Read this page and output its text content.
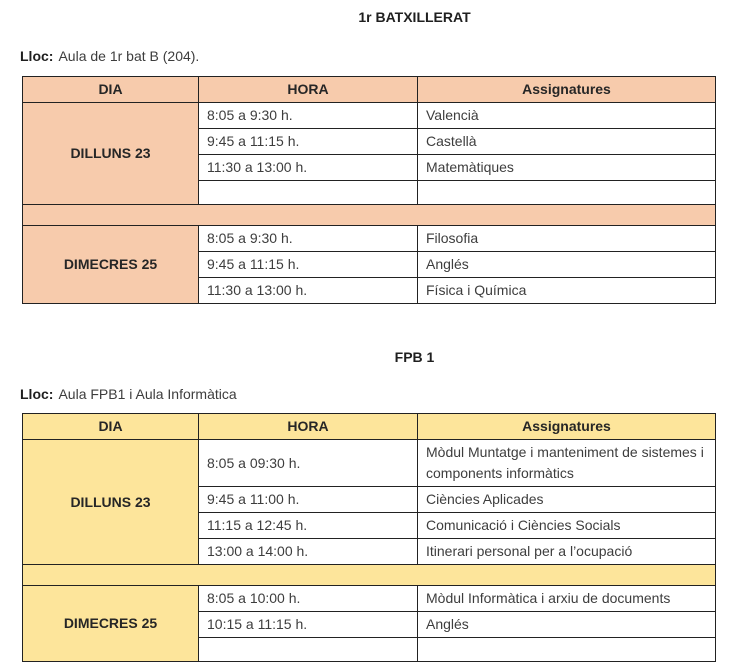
1r BATXILLERAT

Lloc: Aula de 1r bat B (204).

DIA	HORA	Assignatures
DILLUNS 23	8:05 a 9:30 h.	Valencià
	9:45 a 11:15 h.	Castellà
	11:30 a 13:00 h.	Matemàtiques

DIMECRES 25	8:05 a 9:30 h.	Filosofia
	9:45 a 11:15 h.	Anglés
	11:30 a 13:00 h.	Física i Química
FPB 1

Lloc: Aula FPB1 i Aula Informàtica

DIA	HORA	Assignatures
DILLUNS 23	8:05 a 09:30 h.	Mòdul Muntatge i manteniment de sistemes i components informàtics
	9:45 a 11:00 h.	Ciències Aplicades
	11:15 a 12:45 h.	Comunicació i Ciències Socials
	13:00 a 14:00 h.	Itinerari personal per a l’ocupació

DIMECRES 25	8:05 a 10:00 h.	Mòdul Informàtica i arxiu de documents
	10:15 a 11:15 h.	Anglés
